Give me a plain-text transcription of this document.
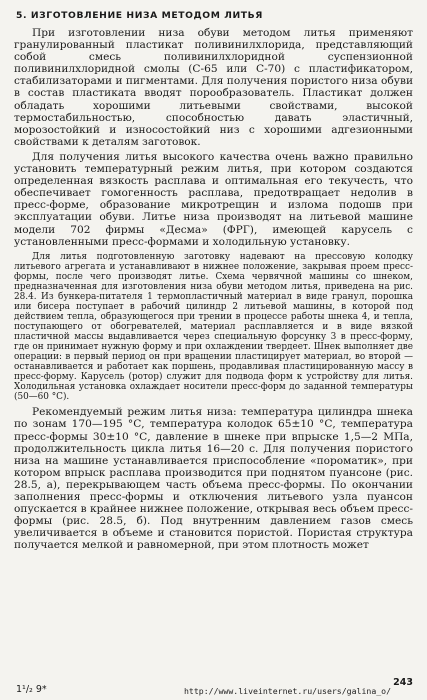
5. ИЗГОТОВЛЕНИЕ НИЗА МЕТОДОМ ЛИТЬЯ

При изготовлении низа обуви методом литья применяют гранулированный пластикат поливинилхлорида, представляющий собой смесь поливинилхлоридной суспензионной поливинилхлоридной смолы (С-65 или С-70) с пластификатором, стабилизаторами и пигментами. Для получения пористого низа обуви в состав пластиката вводят порообразователь. Пластикат должен обладать хорошими литьевыми свойствами, высокой термостабильностью, способностью давать эластичный, морозостойкий и износостойкий низ с хорошими адгезионными свойствами к деталям заготовок.

Для получения литья высокого качества очень важно правильно установить температурный режим литья, при котором создаются определенная вязкость расплава и оптимальная его текучесть, что обеспечивает гомогенность расплава, предотвращает недолив в пресс-форме, образование микротрещин и излома подошв при эксплуатации обуви. Литье низа производят на литьевой машине модели 702 фирмы «Десма» (ФРГ), имеющей карусель с установленными пресс-формами и холодильную установку.

Для литья подготовленную заготовку надевают на прессовую колодку литьевого агрегата и устанавливают в нижнее положение, закрывая проем пресс-формы, после чего производят литье. Схема червячной машины со шнеком, предназначенная для изготовления низа обуви методом литья, приведена на рис. 28.4. Из бункера-питателя 1 термопластичный материал в виде гранул, порошка или бисера поступает в рабочий цилиндр 2 литьевой машины, в которой под действием тепла, образующегося при трении в процессе работы шнека 4, и тепла, поступающего от обогревателей, материал расплавляется и в виде вязкой пластичной массы выдавливается через специальную форсунку 3 в пресс-форму, где он принимает нужную форму и при охлаждении твердеет. Шнек выполняет две операции: в первый период он при вращении пластицирует материал, во второй — останавливается и работает как поршень, продавливая пластицированную массу в пресс-форму. Карусель (ротор) служит для подвода форм к устройству для литья. Холодильная установка охлаждает носители пресс-форм до заданной температуры (50—60 °С).

Рекомендуемый режим литья низа: температура цилиндра шнека по зонам 170—195 °С, температура колодок 65±10 °С, температура пресс-формы 30±10 °С, давление в шнеке при впрыске 1,5—2 МПа, продолжительность цикла литья 16—20 с. Для получения пористого низа на машине устанавливается приспособление «пороматик», при котором впрыск расплава производится при поднятом пуансоне (рис. 28.5, а), перекрывающем часть объема пресс-формы. По окончании заполнения пресс-формы и отключения литьевого узла пуансон опускается в крайнее нижнее положение, открывая весь объем пресс-формы (рис. 28.5, б). Под внутренним давлением газов смесь увеличивается в объеме и становится пористой. Пористая структура получается мелкой и равномерной, при этом плотность может

1¹/₂ 9*	http://www.liveinternet.ru/users/galina_o/
243
